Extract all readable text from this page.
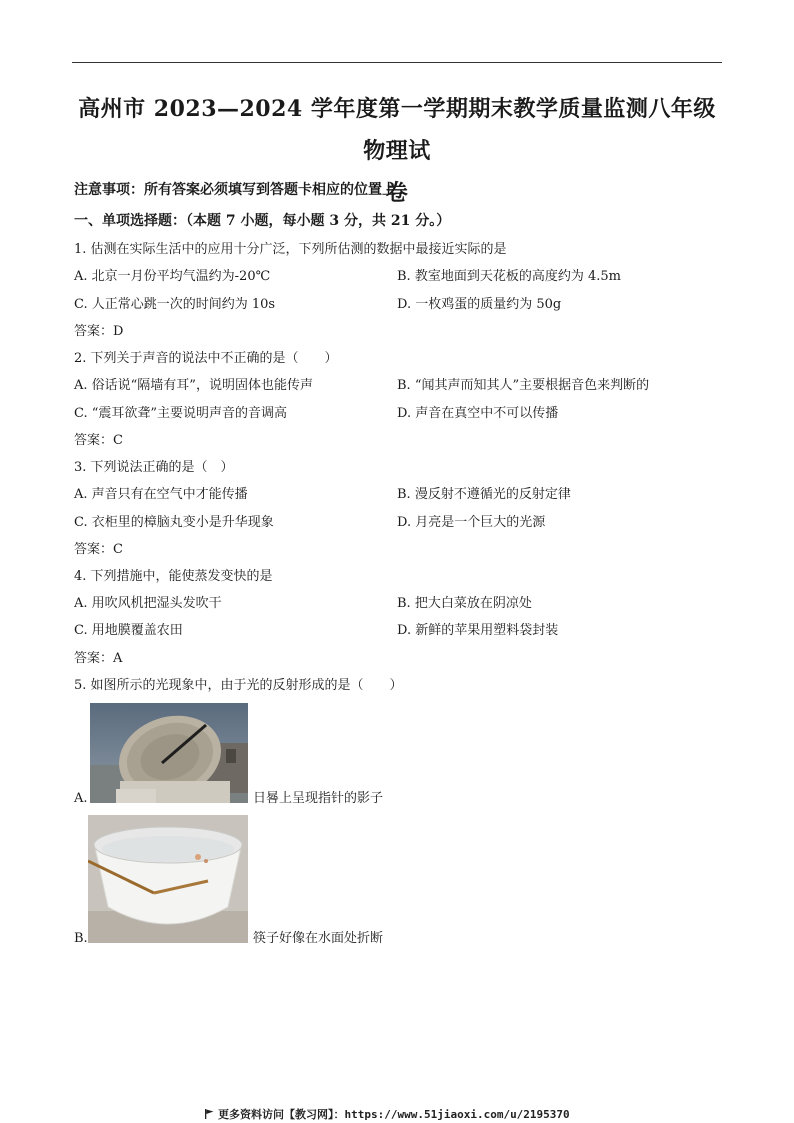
高州市 2023—2024 学年度第一学期期末教学质量监测八年级物理试
卷
注意事项：所有答案必须填写到答题卡相应的位置上
一、单项选择题：（本题 7 小题，每小题 3 分，共 21 分。）
1. 估测在实际生活中的应用十分广泛，下列所估测的数据中最接近实际的是
A. 北京一月份平均气温约为-20℃	B. 教室地面到天花板的高度约为 4.5m
C. 人正常心跳一次的时间约为 10s	D. 一枚鸡蛋的质量约为 50g
答案：D
2. 下列关于声音的说法中不正确的是（　　）
A. 俗话说“隔墙有耳”，说明固体也能传声	B. “闻其声而知其人”主要根据音色来判断的
C. “震耳欲聋”主要说明声音的音调高	D. 声音在真空中不可以传播
答案：C
3. 下列说法正确的是（　）
A. 声音只有在空气中才能传播	B. 漫反射不遵循光的反射定律
C. 衣柜里的樟脑丸变小是升华现象	D. 月亮是一个巨大的光源
答案：C
4. 下列措施中，能使蒸发变快的是
A. 用吹风机把湿头发吹干	B. 把大白菜放在阴凉处
C. 用地膜覆盖农田	D. 新鲜的苹果用塑料袋封装
答案：A
5. 如图所示的光现象中，由于光的反射形成的是（　　）
A.	日晷上呈现指针的影子
B.	筷子好像在水面处折断
更多资料访问【教习网】：https://www.51jiaoxi.com/u/2195370
